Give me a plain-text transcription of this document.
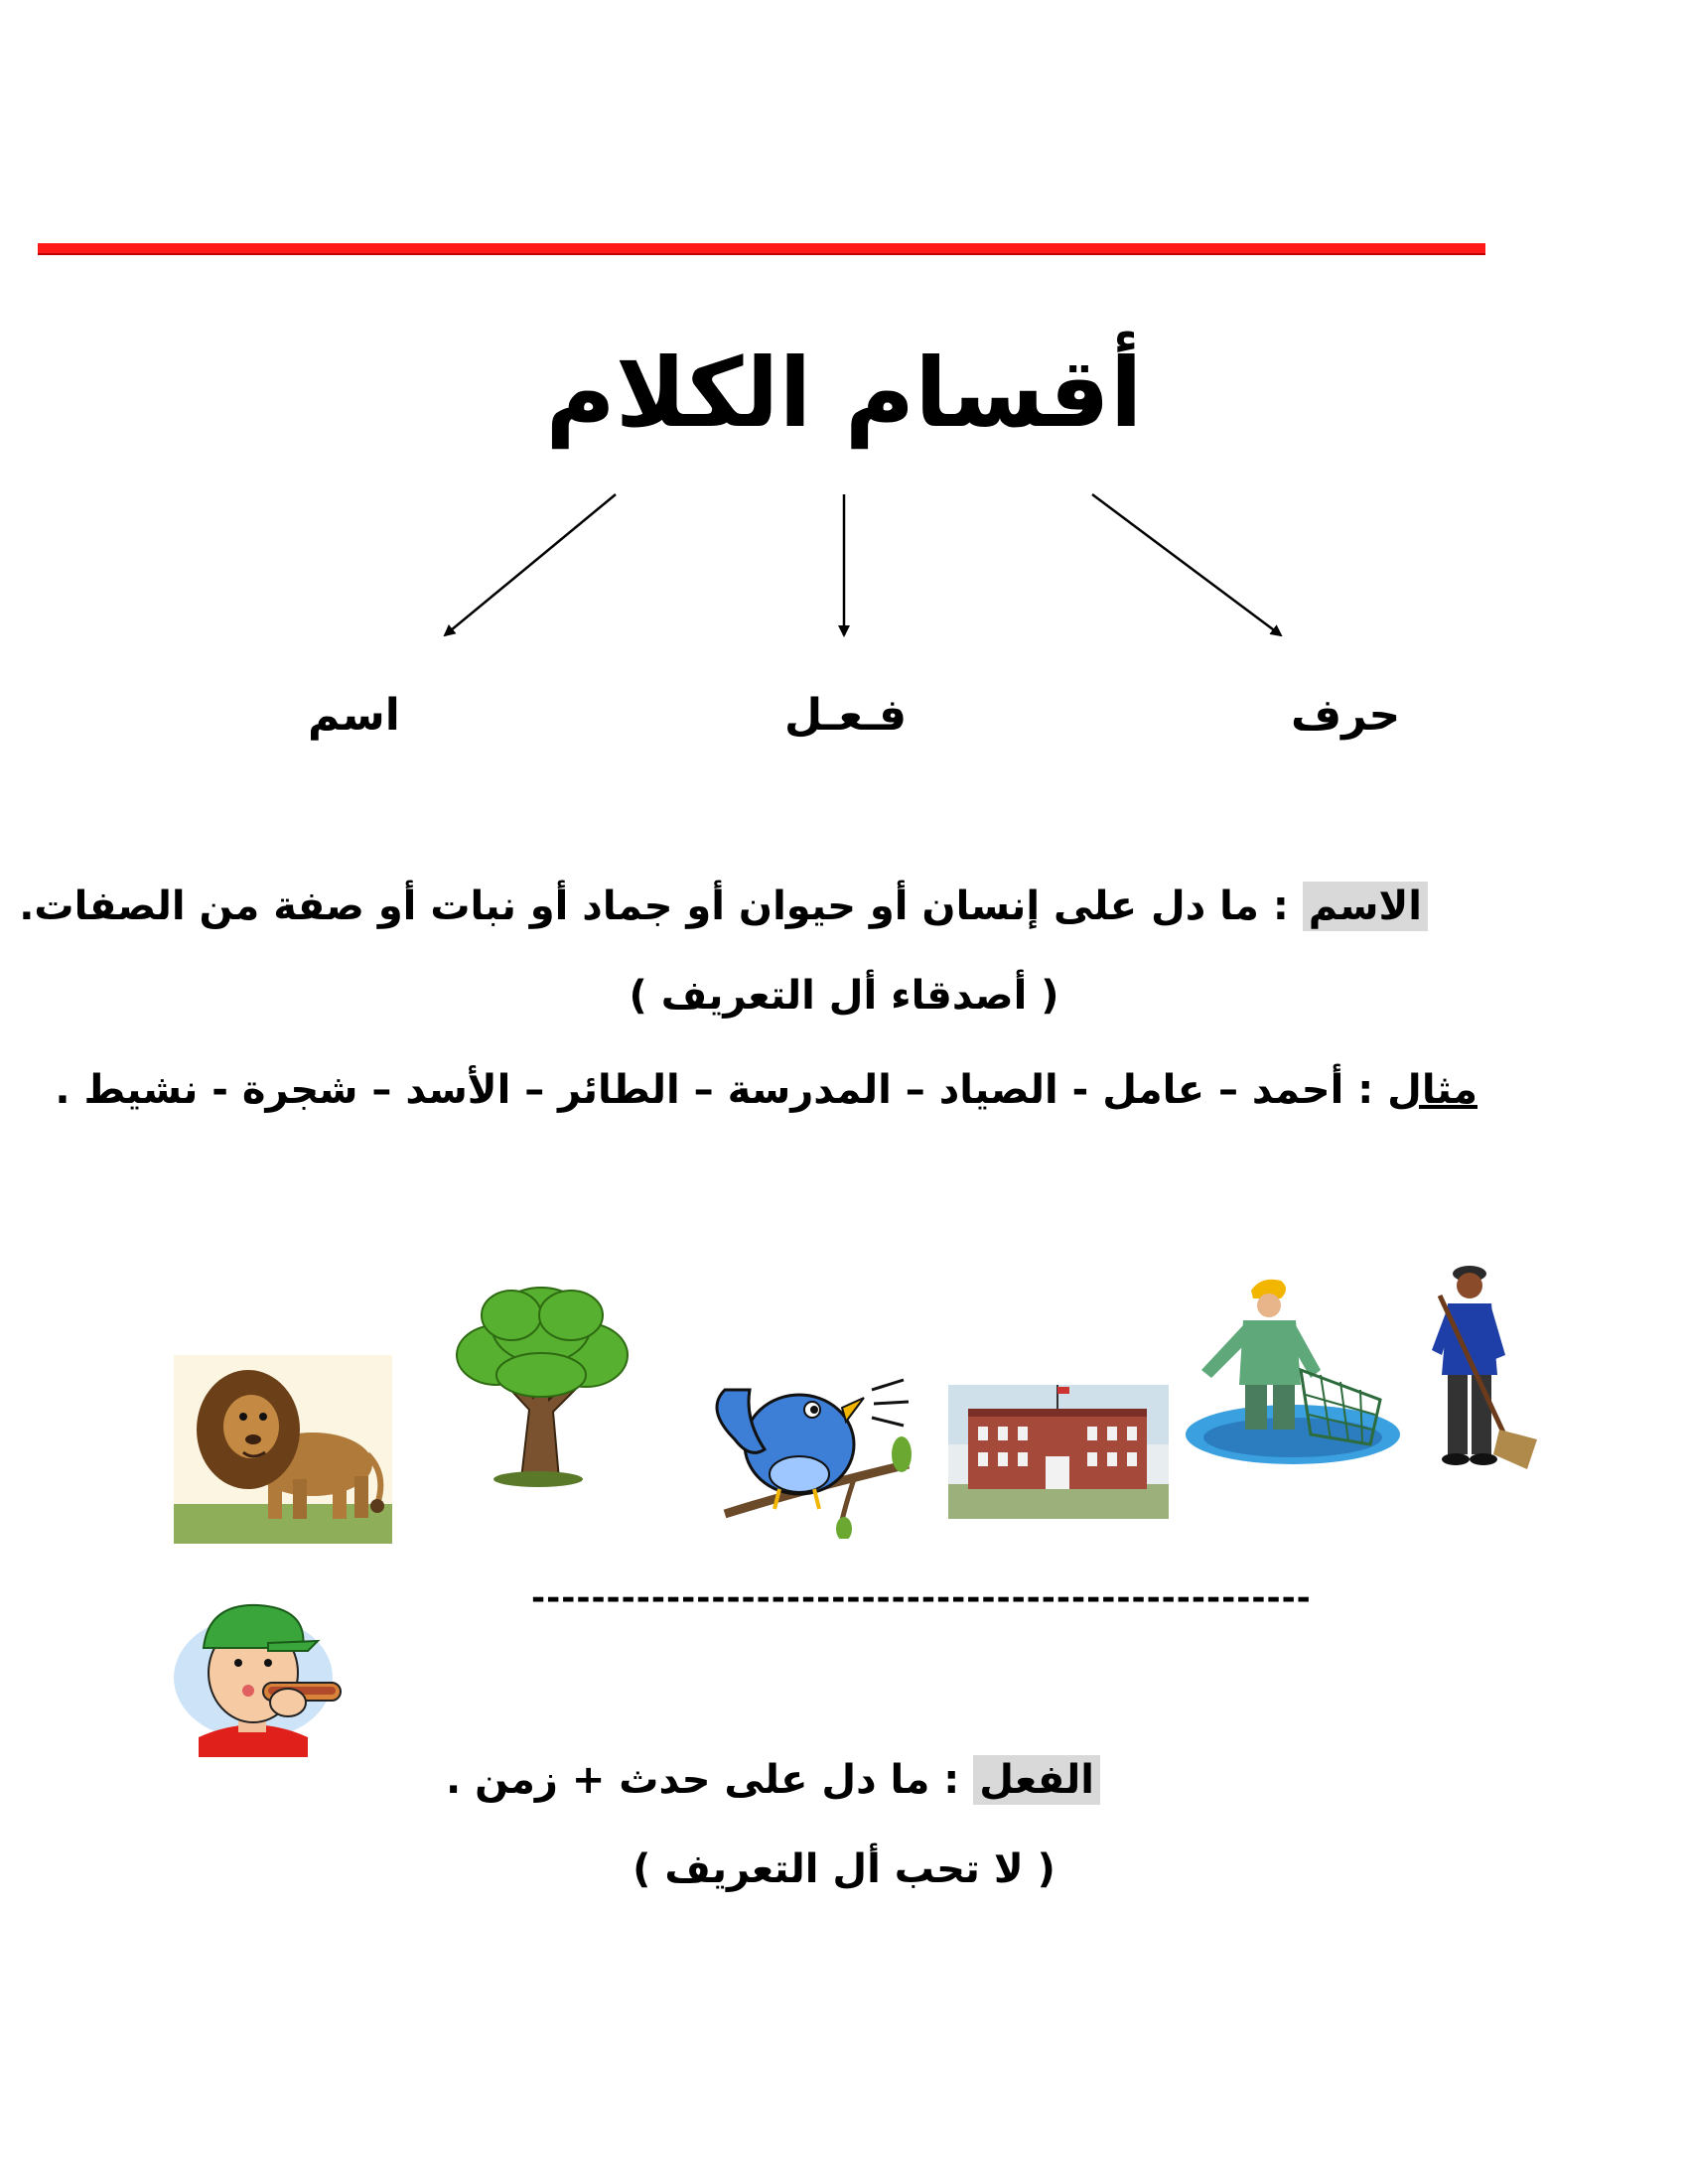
أقسام الكلام
حرف
فـعـل
اسم
الاسم : ما دل على إنسان أو حيوان أو جماد أو نبات أو صفة من الصفات.
( أصدقاء أل التعريف )
مثال : أحمد – عامل - الصياد – المدرسة – الطائر – الأسد – شجرة - نشيط .
----------------------------------------------------
الفعل : ما دل على حدث + زمن .
( لا تحب أل التعريف )
